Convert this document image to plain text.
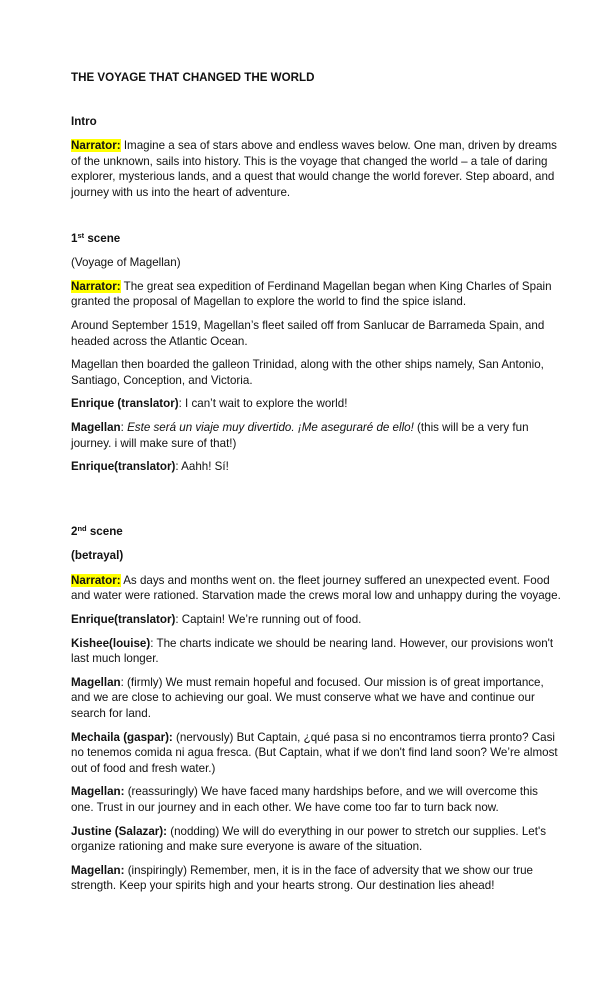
THE VOYAGE THAT CHANGED THE WORLD
Intro

Narrator: Imagine a sea of stars above and endless waves below. One man, driven by dreams of the unknown, sails into history. This is the voyage that changed the world – a tale of daring explorer, mysterious lands, and a quest that would change the world forever. Step aboard, and journey with us into the heart of adventure.

1st scene

(Voyage of Magellan)

Narrator: The great sea expedition of Ferdinand Magellan began when King Charles of Spain granted the proposal of Magellan to explore the world to find the spice island.

Around September 1519, Magellan’s fleet sailed off from Sanlucar de Barrameda Spain, and headed across the Atlantic Ocean.

Magellan then boarded the galleon Trinidad, along with the other ships namely, San Antonio, Santiago, Conception, and Victoria.

Enrique (translator): I can’t wait to explore the world!

Magellan: Este será un viaje muy divertido. ¡Me aseguraré de ello! (this will be a very fun journey. i will make sure of that!)

Enrique(translator): Aahh! Sí!

2nd scene
(betrayal)

Narrator: As days and months went on. the fleet journey suffered an unexpected event. Food and water were rationed. Starvation made the crews moral low and unhappy during the voyage.

Enrique(translator): Captain! We’re running out of food.

Kishee(louise): The charts indicate we should be nearing land. However, our provisions won't last much longer.

Magellan: (firmly) We must remain hopeful and focused. Our mission is of great importance, and we are close to achieving our goal. We must conserve what we have and continue our search for land.

Mechaila (gaspar): (nervously) But Captain, ¿qué pasa si no encontramos tierra pronto? Casi no tenemos comida ni agua fresca. (But Captain, what if we don't find land soon? We’re almost out of food and fresh water.)

Magellan: (reassuringly) We have faced many hardships before, and we will overcome this one. Trust in our journey and in each other. We have come too far to turn back now.

Justine (Salazar): (nodding) We will do everything in our power to stretch our supplies. Let's organize rationing and make sure everyone is aware of the situation.

Magellan: (inspiringly) Remember, men, it is in the face of adversity that we show our true strength. Keep your spirits high and your hearts strong. Our destination lies ahead!
